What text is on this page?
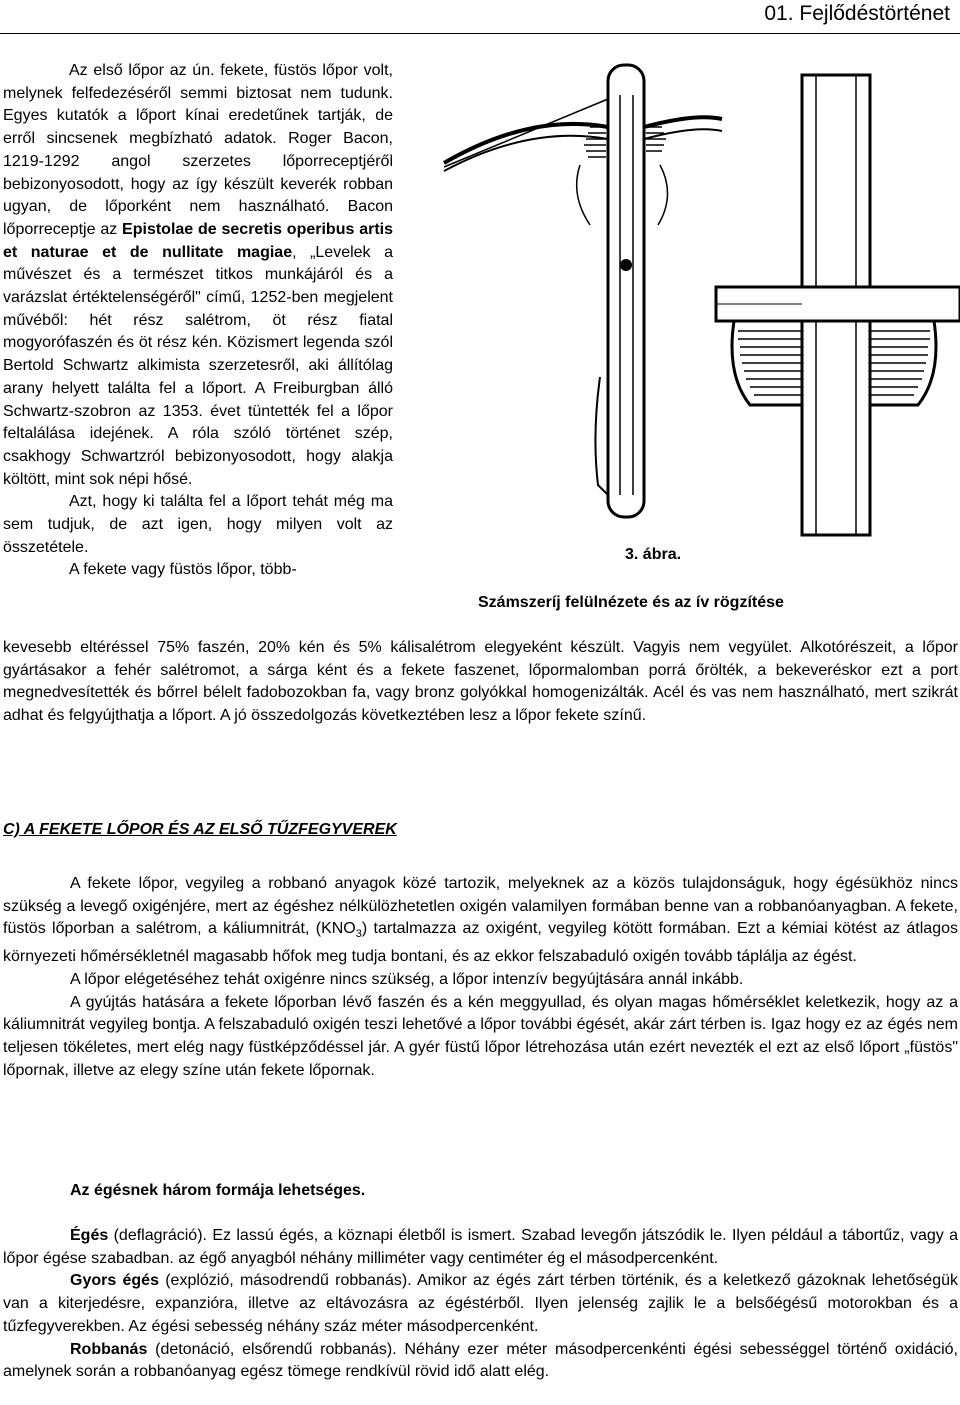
01. Fejlődéstörténet

Az első lőpor az ún. fekete, füstös lőpor volt, melynek felfedezéséről semmi biztosat nem tudunk. Egyes kutatók a lőport kínai eredetűnek tartják, de erről sincsenek megbízható adatok. Roger Bacon, 1219-1292 angol szerzetes lőporreceptjéről bebizonyosodott, hogy az így készült keverék robban ugyan, de lőporként nem használható. Bacon lőporreceptje az Epistolae de secretis operibus artis et naturae et de nullitate magiae, „Levelek a művészet és a természet titkos munkájáról és a varázslat értéktelenségéről" című, 1252-ben megjelent művéből: hét rész salétrom, öt rész fiatal mogyorófaszén és öt rész kén. Közismert legenda szól Bertold Schwartz alkimista szerzetesről, aki állítólag arany helyett találta fel a lőport. A Freiburgban álló Schwartz-szobron az 1353. évet tüntették fel a lőpor feltalálása idejének. A róla szóló történet szép, csakhogy Schwartzról bebizonyosodott, hogy alakja költött, mint sok népi hősé.

Azt, hogy ki találta fel a lőport tehát még ma sem tudjuk, de azt igen, hogy milyen volt az összetétele.

A fekete vagy füstös lőpor, több-

3. ábra.
Számszeríj felülnézete és az ív rögzítése

kevesebb eltéréssel 75% faszén, 20% kén és 5% kálisalétrom elegyeként készült. Vagyis nem vegyület. Alkotórészeit, a lőpor gyártásakor a fehér salétromot, a sárga ként és a fekete faszenet, lőpormalomban porrá őrölték, a bekeveréskor ezt a port megnedvesítették és bőrrel bélelt fadobozokban fa, vagy bronz golyókkal homogenizálták. Acél és vas nem használható, mert szikrát adhat és felgyújthatja a lőport. A jó összedolgozás következtében lesz a lőpor fekete színű.

C) A FEKETE LŐPOR ÉS AZ ELSŐ TŰZFEGYVEREK

A fekete lőpor, vegyileg a robbanó anyagok közé tartozik, melyeknek az a közös tulajdonságuk, hogy égésükhöz nincs szükség a levegő oxigénjére, mert az égéshez nélkülözhetetlen oxigén valamilyen formában benne van a robbanóanyagban. A fekete, füstös lőporban a salétrom, a káliumnitrát, $(KNO_3)$ tartalmazza az oxigént, vegyileg kötött formában. Ezt a kémiai kötést az átlagos környezeti hőmérsékletnél magasabb hőfok meg tudja bontani, és az ekkor felszabaduló oxigén tovább táplálja az égést.

A lőpor elégetéséhez tehát oxigénre nincs szükség, a lőpor intenzív begyújtására annál inkább.

A gyújtás hatására a fekete lőporban lévő faszén és a kén meggyullad, és olyan magas hőmérséklet keletkezik, hogy az a káliumnitrát vegyileg bontja. A felszabaduló oxigén teszi lehetővé a lőpor további égését, akár zárt térben is. Igaz hogy ez az égés nem teljesen tökéletes, mert elég nagy füstképződéssel jár. A gyér füstű lőpor létrehozása után ezért nevezték el ezt az első lőport „füstös" lőpornak, illetve az elegy színe után fekete lőpornak.

Az égésnek három formája lehetséges.

Égés (deflagráció). Ez lassú égés, a köznapi életből is ismert. Szabad levegőn játszódik le. Ilyen például a tábortűz, vagy a lőpor égése szabadban. az égő anyagból néhány milliméter vagy centiméter ég el másodpercenként.

Gyors égés (explózió, másodrendű robbanás). Amikor az égés zárt térben történik, és a keletkező gázoknak lehetőségük van a kiterjedésre, expanzióra, illetve az eltávozásra az égéstérből. Ilyen jelenség zajlik le a belsőégésű motorokban és a tűzfegyverekben. Az égési sebesség néhány száz méter másodpercenként.

Robbanás (detonáció, elsőrendű robbanás). Néhány ezer méter másodpercenkénti égési sebességgel történő oxidáció, amelynek során a robbanóanyag egész tömege rendkívül rövid idő alatt elég.
